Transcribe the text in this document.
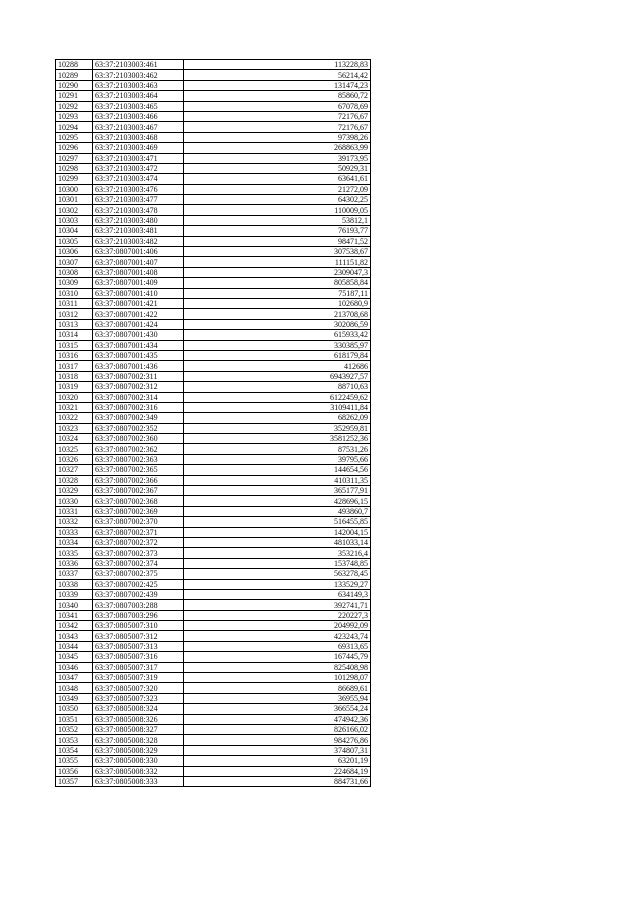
10288	63:37:2103003:461	113228,83
10289	63:37:2103003:462	56214,42
10290	63:37:2103003:463	131474,23
10291	63:37:2103003:464	85860,72
10292	63:37:2103003:465	67078,69
10293	63:37:2103003:466	72176,67
10294	63:37:2103003:467	72176,67
10295	63:37:2103003:468	97398,26
10296	63:37:2103003:469	268863,99
10297	63:37:2103003:471	39173,95
10298	63:37:2103003:472	50929,31
10299	63:37:2103003:474	63641,61
10300	63:37:2103003:476	21272,09
10301	63:37:2103003:477	64302,25
10302	63:37:2103003:478	110009,05
10303	63:37:2103003:480	53812,1
10304	63:37:2103003:481	76193,77
10305	63:37:2103003:482	98471,52
10306	63:37:0807001:406	307538,67
10307	63:37:0807001:407	111151,82
10308	63:37:0807001:408	2309047,3
10309	63:37:0807001:409	805858,84
10310	63:37:0807001:410	75187,11
10311	63:37:0807001:421	102680,9
10312	63:37:0807001:422	213708,68
10313	63:37:0807001:424	302086,59
10314	63:37:0807001:430	615933,42
10315	63:37:0807001:434	330385,97
10316	63:37:0807001:435	618179,84
10317	63:37:0807001:436	412686
10318	63:37:0807002:311	6943927,57
10319	63:37:0807002:312	88710,63
10320	63:37:0807002:314	6122459,62
10321	63:37:0807002:316	3109411,84
10322	63:37:0807002:349	68262,09
10323	63:37:0807002:352	352959,81
10324	63:37:0807002:360	3581252,36
10325	63:37:0807002:362	87531,26
10326	63:37:0807002:363	39795,66
10327	63:37:0807002:365	144654,56
10328	63:37:0807002:366	410311,35
10329	63:37:0807002:367	365177,91
10330	63:37:0807002:368	428696,15
10331	63:37:0807002:369	493860,7
10332	63:37:0807002:370	516455,85
10333	63:37:0807002:371	142004,15
10334	63:37:0807002:372	481033,14
10335	63:37:0807002:373	353216,4
10336	63:37:0807002:374	153748,85
10337	63:37:0807002:375	563278,45
10338	63:37:0807002:425	133529,27
10339	63:37:0807002:439	634149,3
10340	63:37:0807003:288	392741,71
10341	63:37:0807003:296	220227,3
10342	63:37:0805007:310	204992,09
10343	63:37:0805007:312	423243,74
10344	63:37:0805007:313	69313,65
10345	63:37:0805007:316	167445,79
10346	63:37:0805007:317	825408,98
10347	63:37:0805007:319	101298,07
10348	63:37:0805007:320	86689,61
10349	63:37:0805007:323	36955,94
10350	63:37:0805008:324	366554,24
10351	63:37:0805008:326	474942,36
10352	63:37:0805008:327	826166,02
10353	63:37:0805008:328	984276,86
10354	63:37:0805008:329	374807,31
10355	63:37:0805008:330	63201,19
10356	63:37:0805008:332	224684,19
10357	63:37:0805008:333	884731,66
